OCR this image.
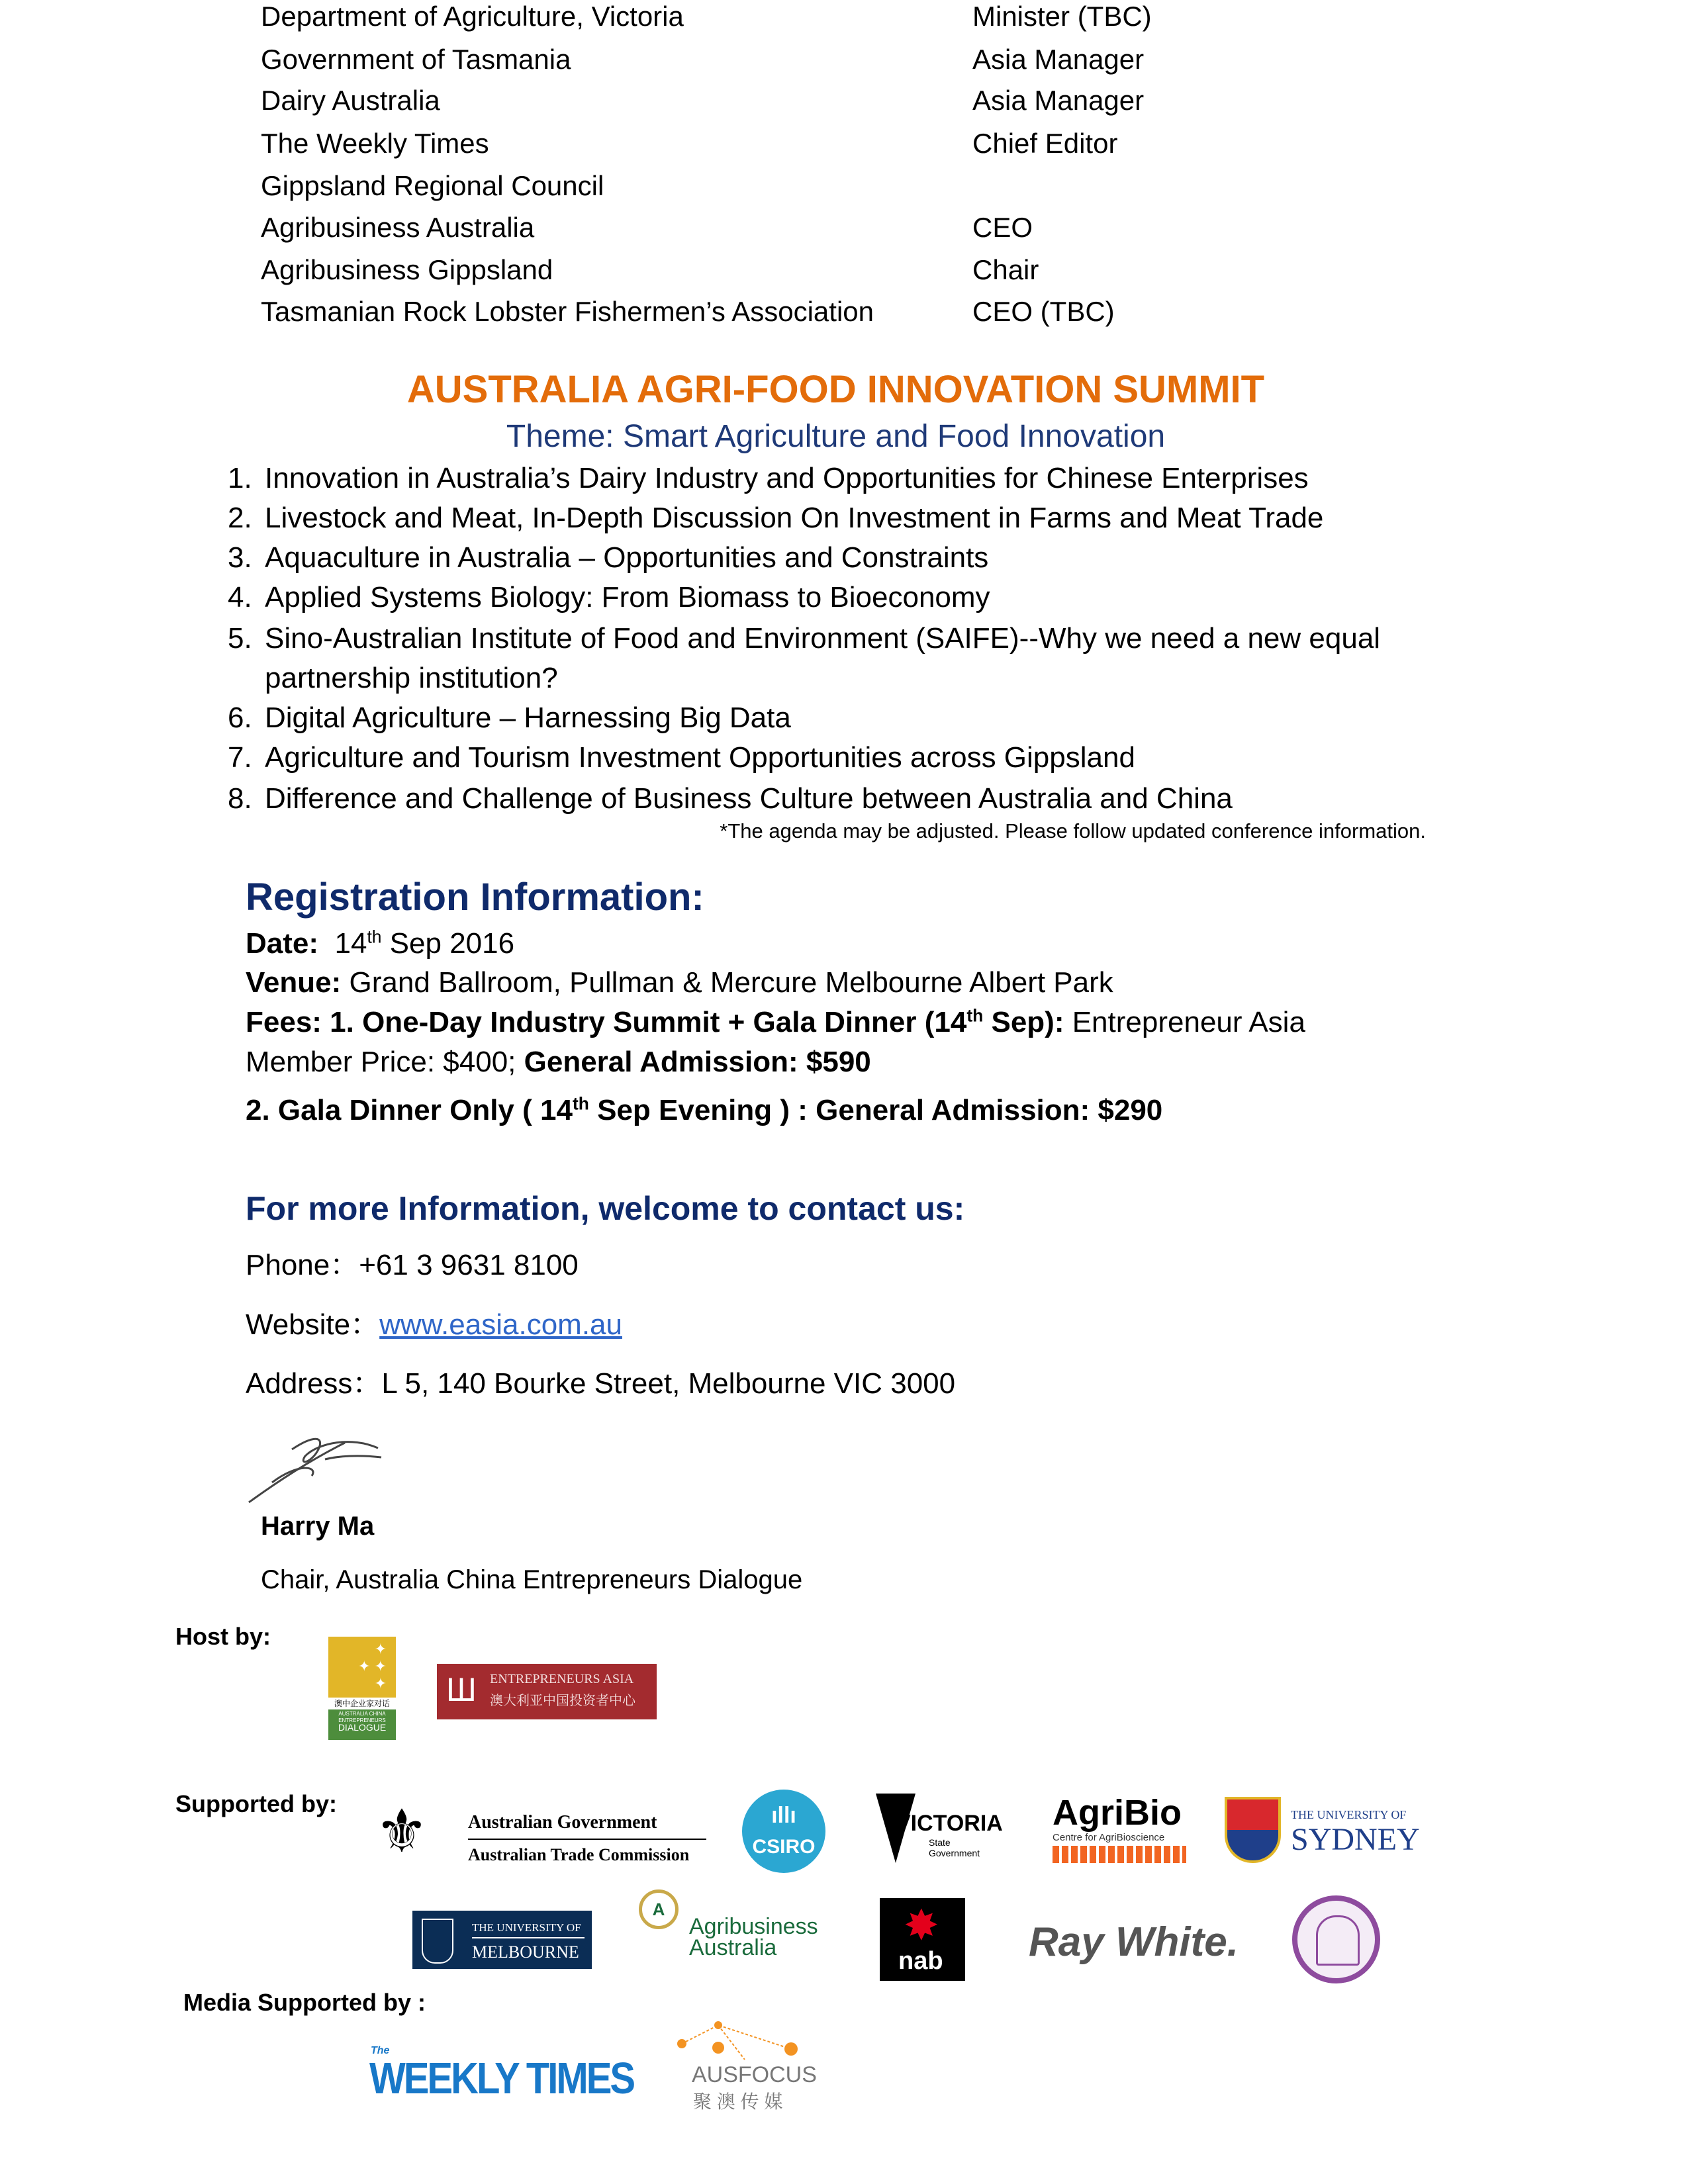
Department of Agriculture, Victoria	Minister (TBC)
Government of Tasmania	Asia Manager
Dairy Australia	Asia Manager
The Weekly Times	Chief Editor
Gippsland Regional Council
Agribusiness Australia	CEO
Agribusiness Gippsland	Chair
Tasmanian Rock Lobster Fishermen’s Association	CEO (TBC)
AUSTRALIA AGRI-FOOD INNOVATION SUMMIT
Theme: Smart Agriculture and Food Innovation
1. Innovation in Australia’s Dairy Industry and Opportunities for Chinese Enterprises
2. Livestock and Meat, In-Depth Discussion On Investment in Farms and Meat Trade
3. Aquaculture in Australia – Opportunities and Constraints
4. Applied Systems Biology: From Biomass to Bioeconomy
5. Sino-Australian Institute of Food and Environment (SAIFE)--Why we need a new equal
6. Digital Agriculture – Harnessing Big Data
7. Agriculture and Tourism Investment Opportunities across Gippsland
8. Difference and Challenge of Business Culture between Australia and China
partnership institution?
*The agenda may be adjusted. Please follow updated conference information.
Registration Information:
Date: 14th Sep 2016
Venue: Grand Ballroom, Pullman & Mercure Melbourne Albert Park
Fees: 1. One-Day Industry Summit + Gala Dinner (14th Sep): Entrepreneur Asia
Member Price: $400; General Admission: $590
2. Gala Dinner Only ( 14th Sep Evening ) : General Admission: $290
For more Information, welcome to contact us:
Phone：+61 3 9631 8100
Website：www.easia.com.au
Address：L 5, 140 Bourke Street, Melbourne VIC 3000
Harry Ma
Chair, Australia China Entrepreneurs Dialogue
Host by:	✦
✦ ✦
✦
澳中企业家对话
AUSTRALIA CHINA
ENTREPRENEURS
DIALOGUE
Ш ENTREPRENEURS ASIA
澳大利亚中国投资者中心
Supported by: ⚜	Australian Government
Australian Trade Commission
ıllı
CSIRO
VICTORIA
State
Government
AgriBio
Centre for AgriBioscience
THE UNIVERSITY OF
SYDNEY
THE UNIVERSITY OF
MELBOURNE
A
Agribusiness
Australia	✸
nab Ray White.
Media Supported by :
The
WEEKLY TIMES	AUSFOCUS
聚 澳 传 媒
